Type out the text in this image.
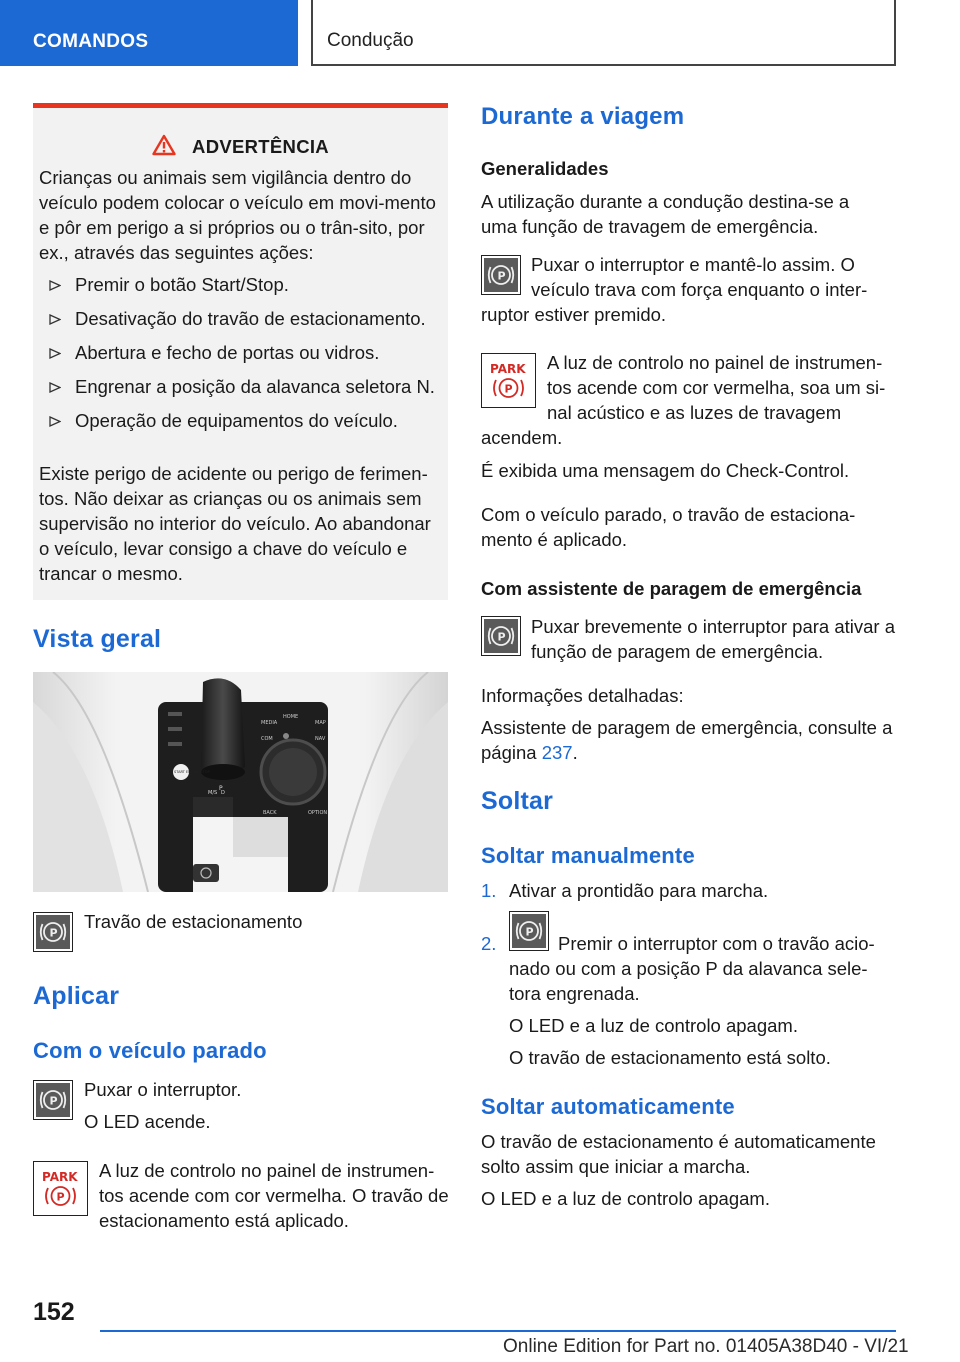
COMANDOS	Condução
ADVERTÊNCIA
Crianças ou animais sem vigilância dentro do veículo podem colocar o veículo em movi-mento e pôr em perigo a si próprios ou o trân-sito, por ex., através das seguintes ações:
Premir o botão Start/Stop.
Desativação do travão de estacionamento.
Abertura e fecho de portas ou vidros.
Engrenar a posição da alavanca seletora N.
Operação de equipamentos do veículo.
Existe perigo de acidente ou perigo de ferimen-tos. Não deixar as crianças ou os animais sem supervisão no interior do veículo. Ao abandonar o veículo, levar consigo a chave do veículo e trancar o mesmo.
Vista geral
MEDIA
HOME
MAP
COM	NAV
BACK	OPTION
START ENGINE STOP
P
M/S D
P
Travão de estacionamento
Aplicar
Com o veículo parado
P
Puxar o interruptor.
O LED acende.
PARK
P
A luz de controlo no painel de instrumen-tos acende com cor vermelha. O travão de estacionamento está aplicado.
Durante a viagem
Generalidades
A utilização durante a condução destina-se a uma função de travagem de emergência.
P
Puxar o interruptor e mantê-lo assim. O veículo trava com força enquanto o inter-
ruptor estiver premido.
PARK
P
A luz de controlo no painel de instrumen-tos acende com cor vermelha, soa um si-nal acústico e as luzes de travagem
acendem.
É exibida uma mensagem do Check-Control.
Com o veículo parado, o travão de estaciona-mento é aplicado.
Com assistente de paragem de emergência
P Puxar brevemente o interruptor para ativar a função de paragem de emergência.
Informações detalhadas:
Assistente de paragem de emergência, consulte a página 237.
Soltar
Soltar manualmente
1. Ativar a prontidão para marcha.
2.
P
Premir o interruptor com o travão acio-nado ou com a posição P da alavanca sele-tora engrenada.
O LED e a luz de controlo apagam.
O travão de estacionamento está solto.
Soltar automaticamente
O travão de estacionamento é automaticamente solto assim que iniciar a marcha.
O LED e a luz de controlo apagam.
152
Online Edition for Part no. 01405A38D40 - VI/21
